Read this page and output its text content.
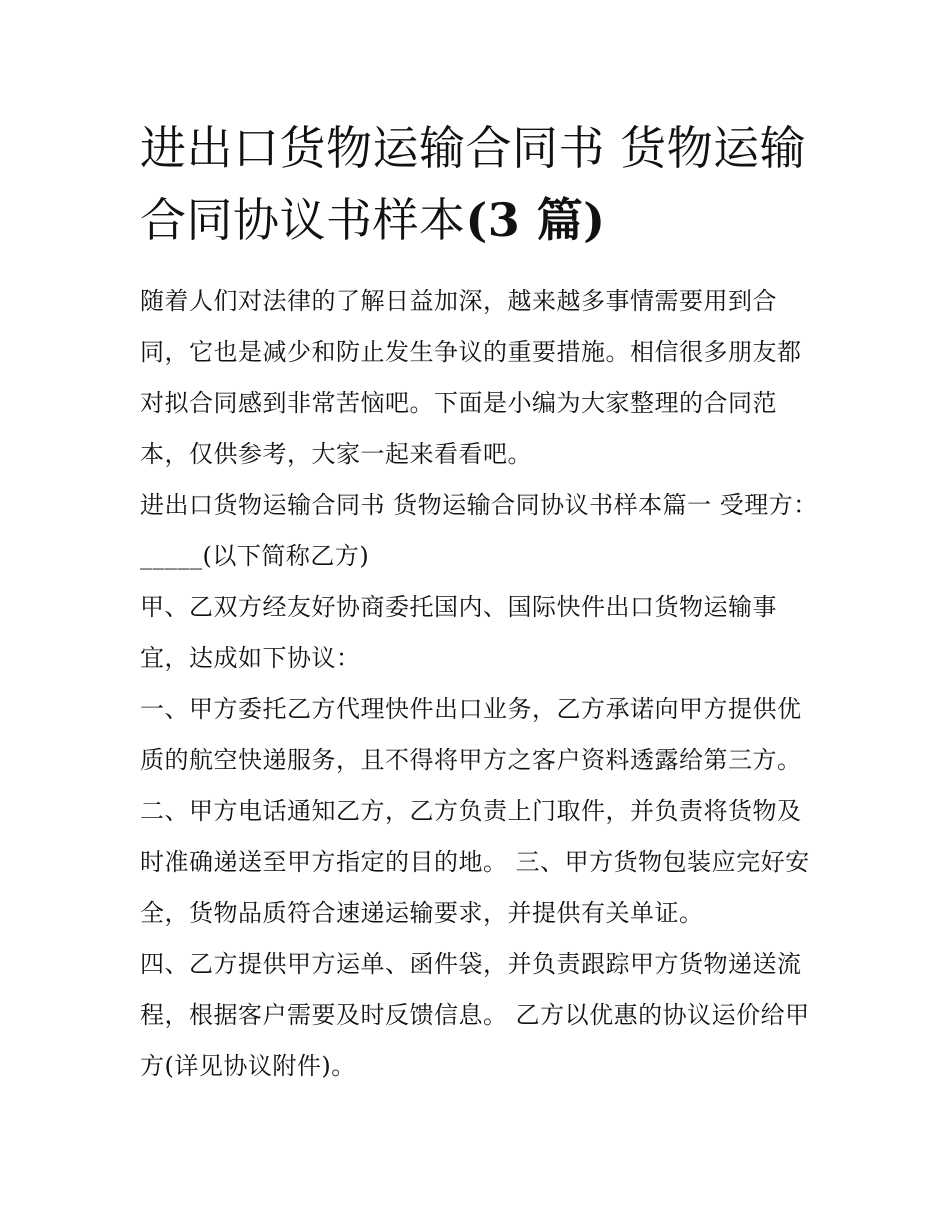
进出口货物运输合同书 货物运输合同协议书样本(3 篇)

随着人们对法律的了解日益加深，越来越多事情需要用到合同，它也是减少和防止发生争议的重要措施。相信很多朋友都对拟合同感到非常苦恼吧。下面是小编为大家整理的合同范本，仅供参考，大家一起来看看吧。

进出口货物运输合同书 货物运输合同协议书样本篇一 受理方：_____(以下简称乙方)

甲、乙双方经友好协商委托国内、国际快件出口货物运输事宜，达成如下协议：

一、甲方委托乙方代理快件出口业务，乙方承诺向甲方提供优质的航空快递服务，且不得将甲方之客户资料透露给第三方。

二、甲方电话通知乙方，乙方负责上门取件，并负责将货物及时准确递送至甲方指定的目的地。 三、甲方货物包装应完好安全，货物品质符合速递运输要求，并提供有关单证。

四、乙方提供甲方运单、函件袋，并负责跟踪甲方货物递送流程，根据客户需要及时反馈信息。 乙方以优惠的协议运价给甲方(详见协议附件)。
